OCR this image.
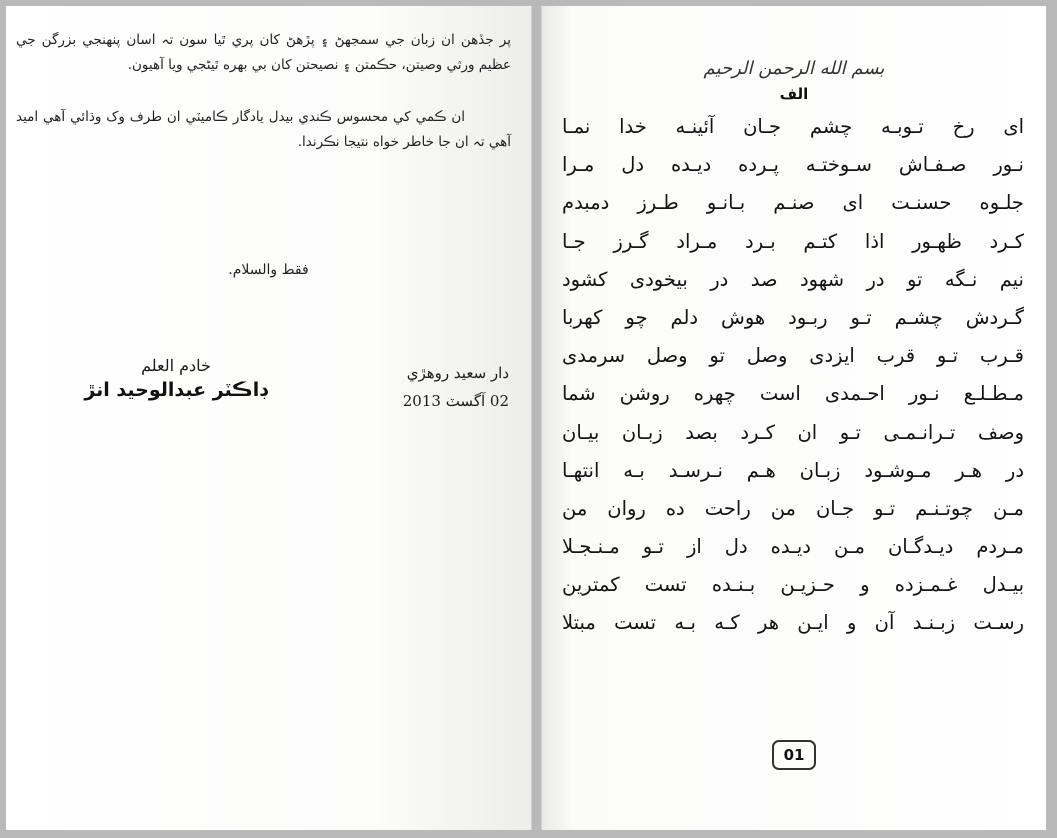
پر جڏهن ان زبان جي سمجهڻ ۽ پڙهڻ کان پري ٿيا سون تہ اسان پنهنجي بزرگن جي عظيم ورثي وصيتن، حڪمتن ۽ نصيحتن کان بي بهره ٿيڻجي ويا آهيون.
ان ڪمي کي محسوس ڪندي بيدل يادگار ڪاميٽي ان طرف وک وڌائي آهي اميد آهي تہ ان جا خاطر خواه نتيجا نڪرندا.
فقط والسلام.
دار سعيد روهڙي
02 آگسٽ 2013
خادم العلم
ڊاڪٽر عبدالوحيد انڙ
بسم الله الرحمن الرحيم
الف
ای رخ تـوبـه چشم جـان آئینـه خدا نمـا
نـور صـفـاش سـوختـه پـرده دیـده دل مـرا
جلـوه حسنـت ای صنـم بـانـو طـرز دمبدم
کـرد ظهـور اذا کتـم بـرد مـراد گـرز جـا
نیم نـگه تو در شهود صد در بیخودی کشود
گـردش چشـم تـو ربـود هوش دلم چو کهربا
قـرب تـو قرب ایزدی وصل تو وصل سرمدی
مـطـلـع نـور احـمدی است چهره روشن شما
وصف تـرانـمـی تـو ان کـرد بصد زبـان بیـان
در هـر مـوشـود زبـان هـم نـرسـد بـه انتهـا
مـن چوتـنـم تـو جـان من راحت ده روان من
مـردم دیـدگـان مـن دیـده دل از تـو مـنـجـلا
بیـدل غـمـزده و حـزیـن بـنـده تست کمترین
رسـت زبـنـد آن و ایـن هر کـه بـه تست مبتلا
01
